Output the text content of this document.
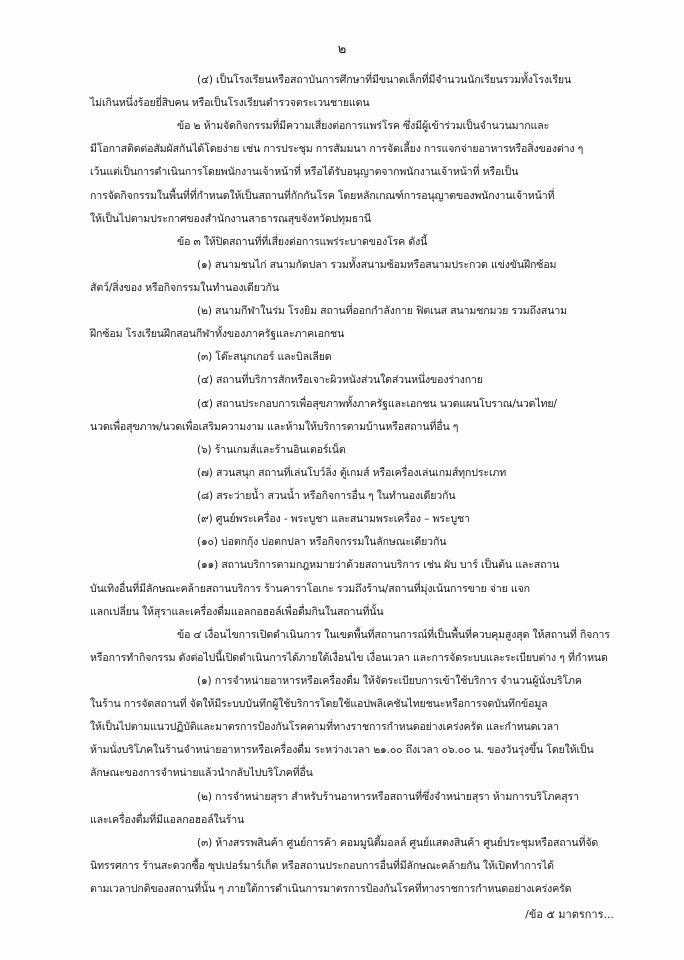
๒
(๔) เป็นโรงเรียนหรือสถาบันการศึกษาที่มีขนาดเล็กที่มีจำนวนนักเรียนรวมทั้งโรงเรียน
ไม่เกินหนึ่งร้อยยี่สิบคน หรือเป็นโรงเรียนตำรวจตระเวนชายแดน
ข้อ ๒ ห้ามจัดกิจกรรมที่มีความเสี่ยงต่อการแพร่โรค ซึ่งมีผู้เข้าร่วมเป็นจำนวนมากและ
มีโอกาสติดต่อสัมผัสกันได้โดยง่าย เช่น การประชุม การสัมมนา การจัดเลี้ยง การแจกจ่ายอาหารหรือสิ่งของต่าง ๆ
เว้นแต่เป็นการดำเนินการโดยพนักงานเจ้าหน้าที่ หรือได้รับอนุญาตจากพนักงานเจ้าหน้าที่ หรือเป็น
การจัดกิจกรรมในพื้นที่ที่กำหนดให้เป็นสถานที่กักกันโรค โดยหลักเกณฑ์การอนุญาตของพนักงานเจ้าหน้าที่
ให้เป็นไปตามประกาศของสำนักงานสาธารณสุขจังหวัดปทุมธานี
ข้อ ๓ ให้ปิดสถานที่ที่เสี่ยงต่อการแพร่ระบาดของโรค ดังนี้
(๑) สนามชนไก่ สนามกัดปลา รวมทั้งสนามซ้อมหรือสนามประกวด แข่งขันฝึกซ้อม
สัตว์/สิ่งของ หรือกิจกรรมในทำนองเดียวกัน
(๒) สนามกีฬาในร่ม โรงยิม สถานที่ออกกำลังกาย ฟิตเนส สนามชกมวย รวมถึงสนาม
ฝึกซ้อม โรงเรียนฝึกสอนกีฬาทั้งของภาครัฐและภาคเอกชน
(๓) โต๊ะสนุกเกอร์ และบิลเลียด
(๔) สถานที่บริการสักหรือเจาะผิวหนังส่วนใดส่วนหนึ่งของร่างกาย
(๕) สถานประกอบการเพื่อสุขภาพทั้งภาครัฐและเอกชน นวดแผนโบราณ/นวดไทย/
นวดเพื่อสุขภาพ/นวดเพื่อเสริมความงาม และห้ามให้บริการตามบ้านหรือสถานที่อื่น ๆ
(๖) ร้านเกมส์และร้านอินเตอร์เน็ต
(๗) สวนสนุก สถานที่เล่นโบว์ลิ่ง ตู้เกมส์ หรือเครื่องเล่นเกมส์ทุกประเภท
(๘) สระว่ายน้ำ สวนน้ำ หรือกิจการอื่น ๆ ในทำนองเดียวกัน
(๙) ศูนย์พระเครื่อง - พระบูชา และสนามพระเครื่อง – พระบูชา
(๑๐) บ่อตกกุ้ง บ่อตกปลา หรือกิจกรรมในลักษณะเดียวกัน
(๑๑) สถานบริการตามกฎหมายว่าด้วยสถานบริการ เช่น ผับ บาร์ เป็นต้น และสถาน
บันเทิงอื่นที่มีลักษณะคล้ายสถานบริการ ร้านคาราโอเกะ รวมถึงร้าน/สถานที่มุ่งเน้นการขาย จ่าย แจก
แลกเปลี่ยน ให้สุราและเครื่องดื่มแอลกอฮอล์เพื่อดื่มกินในสถานที่นั้น
ข้อ ๔ เงื่อนไขการเปิดดำเนินการ ในเขตพื้นที่สถานการณ์ที่เป็นพื้นที่ควบคุมสูงสุด ให้สถานที่ กิจการ
หรือการทำกิจกรรม ดังต่อไปนี้เปิดดำเนินการได้ภายใต้เงื่อนไข เงื่อนเวลา และการจัดระบบและระเบียบต่าง ๆ ที่กำหนด
(๑) การจำหน่ายอาหารหรือเครื่องดื่ม ให้จัดระเบียบการเข้าใช้บริการ จำนวนผู้นั่งบริโภค
ในร้าน การจัดสถานที่ จัดให้มีระบบบันทึกผู้ใช้บริการโดยใช้แอปพลิเคชันไทยชนะหรือการจดบันทึกข้อมูล
ให้เป็นไปตามแนวปฏิบัติและมาตรการป้องกันโรคตามที่ทางราชการกำหนดอย่างเคร่งครัด และกำหนดเวลา
ห้ามนั่งบริโภคในร้านจำหน่ายอาหารหรือเครื่องดื่ม ระหว่างเวลา ๒๑.๐๐ ถึงเวลา ๐๖.๐๐ น. ของวันรุ่งขึ้น โดยให้เป็น
ลักษณะของการจำหน่ายแล้วนำกลับไปบริโภคที่อื่น
(๒) การจำหน่ายสุรา สำหรับร้านอาหารหรือสถานที่ซึ่งจำหน่ายสุรา ห้ามการบริโภคสุรา
และเครื่องดื่มที่มีแอลกอฮอล์ในร้าน
(๓) ห้างสรรพสินค้า ศูนย์การค้า คอมมูนิตี้มอลล์ ศูนย์แสดงสินค้า ศูนย์ประชุมหรือสถานที่จัด
นิทรรศการ ร้านสะดวกซื้อ ซุปเปอร์มาร์เก็ต หรือสถานประกอบการอื่นที่มีลักษณะคล้ายกัน ให้เปิดทำการได้
ตามเวลาปกติของสถานที่นั้น ๆ ภายใต้การดำเนินการมาตรการป้องกันโรคที่ทางราชการกำหนดอย่างเคร่งครัด
/ข้อ ๕ มาตรการ...
